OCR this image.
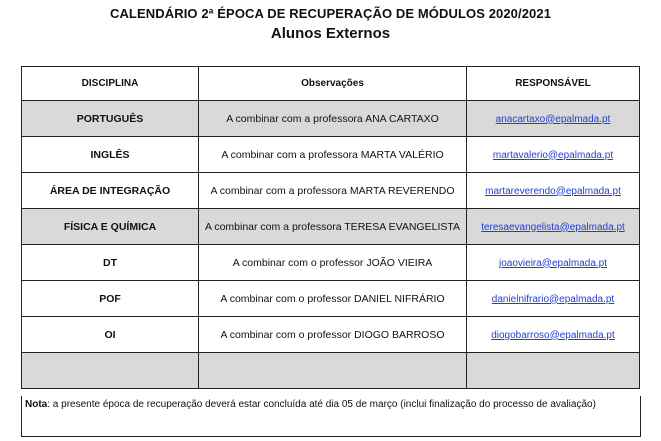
CALENDÁRIO 2ª ÉPOCA DE RECUPERAÇÃO DE MÓDULOS 2020/2021
Alunos Externos
DISCIPLINA	Observações	RESPONSÁVEL
PORTUGUÊS	A combinar com a professora ANA CARTAXO	anacartaxo@epalmada.pt
INGLÊS	A combinar com a professora MARTA VALÉRIO	martavalerio@epalmada.pt
ÁREA DE INTEGRAÇÃO	A combinar com a professora MARTA REVERENDO	martareverendo@epalmada.pt
FÍSICA E QUÍMICA	A combinar com a professora TERESA EVANGELISTA	teresaevangelista@epalmada.pt
DT	A combinar com o professor JOÃO VIEIRA	joaovieira@epalmada.pt
POF	A combinar com o professor DANIEL NIFRÁRIO	danielnifrario@epalmada.pt
OI	A combinar com o professor DIOGO BARROSO	diogobarroso@epalmada.pt

Nota: a presente época de recuperação deverá estar concluída até dia 05 de março (inclui finalização do processo de avaliação)
